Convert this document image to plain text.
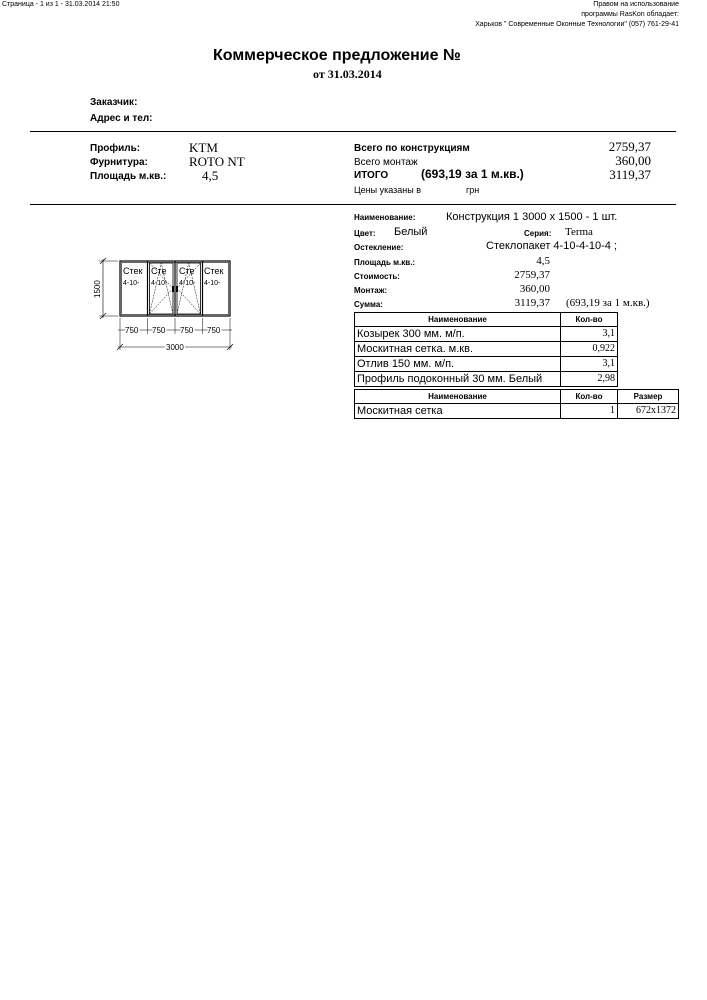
Страница - 1 из 1 - 31.03.2014 21:50	Правом на использование
программы RasKon обладает:
Харьков " Современные Оконные Технологии" (057) 761-29-41
Коммерческое предложение №
от 31.03.2014
Заказчик:
Адрес и тел:
Профиль:	KTM
Фурнитура:	ROTO NT
Площадь м.кв.:	4,5
Всего по конструкциям	2759,37
Всего монтаж	360,00
ИТОГО	(693,19 за 1 м.кв.)	3119,37
Цены указаны в	грн
Наименование:	Конструкция 1 3000 x 1500 - 1 шт.
Цвет: Белый	Серия: Terma
Остекление:	Стеклопакет 4-10-4-10-4 ;
Площадь м.кв.:	4,5
Стоимость:	2759,37
Монтаж:	360,00
Сумма:	3119,37 (693,19 за 1 м.кв.)
Стек
4-10-
Сте
4-10-
Сте
4-10-
Стек
4-10-
1500
750 750 750 750
3000
Наименование	Кол-во
Козырек 300 мм. м/п.	3,1
Москитная сетка. м.кв.	0,922
Отлив 150 мм. м/п.	3,1
Профиль подоконный 30 мм. Белый	2,98
Наименование	Кол-во	Размер
Москитная сетка	1	672x1372
